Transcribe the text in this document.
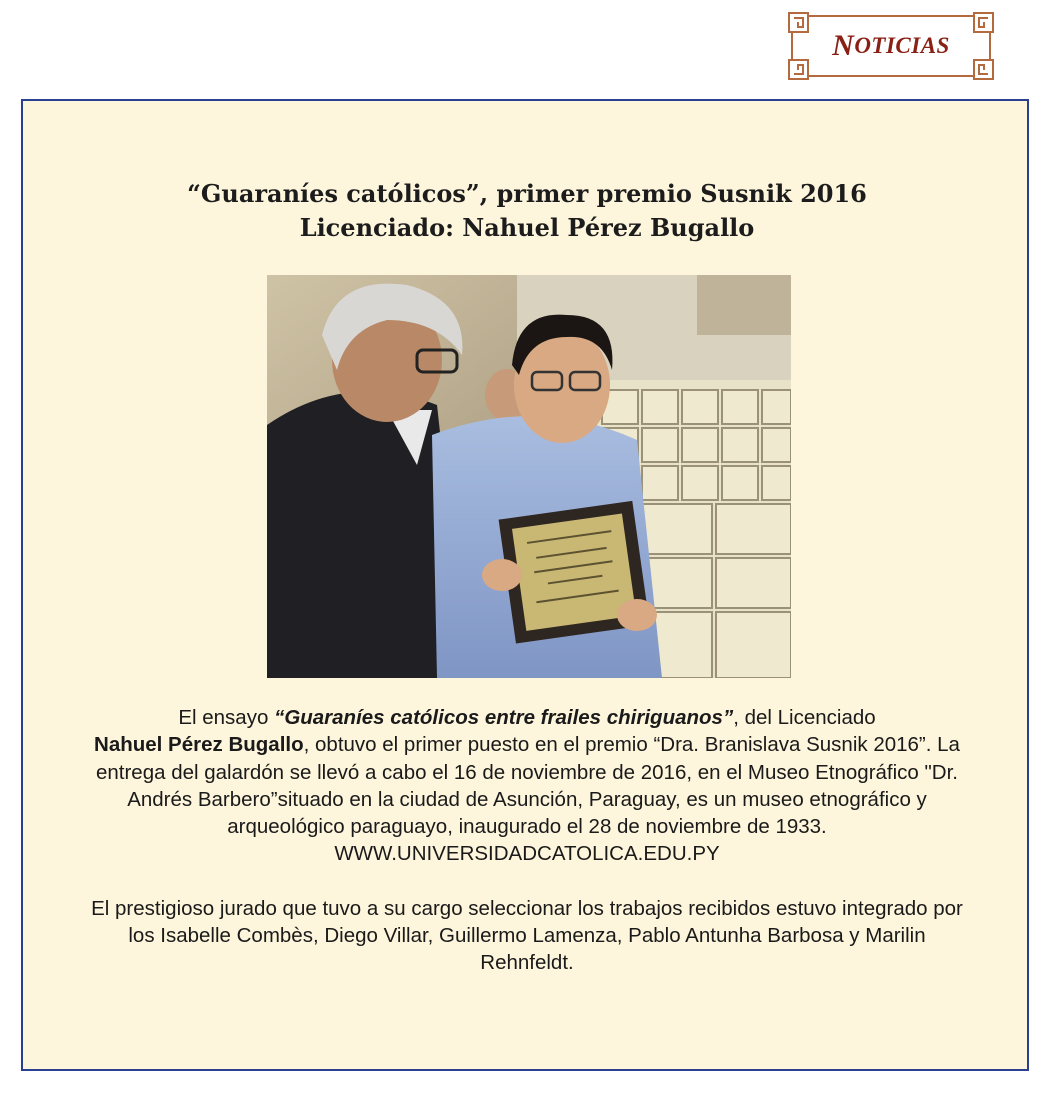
N OTICIAS
“Guaraníes católicos”, primer premio Susnik 2016
Licenciado: Nahuel Pérez Bugallo

El ensayo “Guaraníes católicos entre frailes chiriguanos”, del Licenciado
Nahuel Pérez Bugallo, obtuvo el primer puesto en el premio “Dra. Branislava Susnik 2016”. La entrega del galardón se llevó a cabo el 16 de noviembre de 2016, en el Museo Etnográfico "Dr. Andrés Barbero”situado en la ciudad de Asunción, Paraguay, es un museo etnográfico y arqueológico paraguayo, inaugurado el 28 de noviembre de 1933.
WWW.UNIVERSIDADCATOLICA.EDU.PY

El prestigioso jurado que tuvo a su cargo seleccionar los trabajos recibidos estuvo integrado por los Isabelle Combès, Diego Villar, Guillermo Lamenza, Pablo Antunha Barbosa y Marilin Rehnfeldt.
